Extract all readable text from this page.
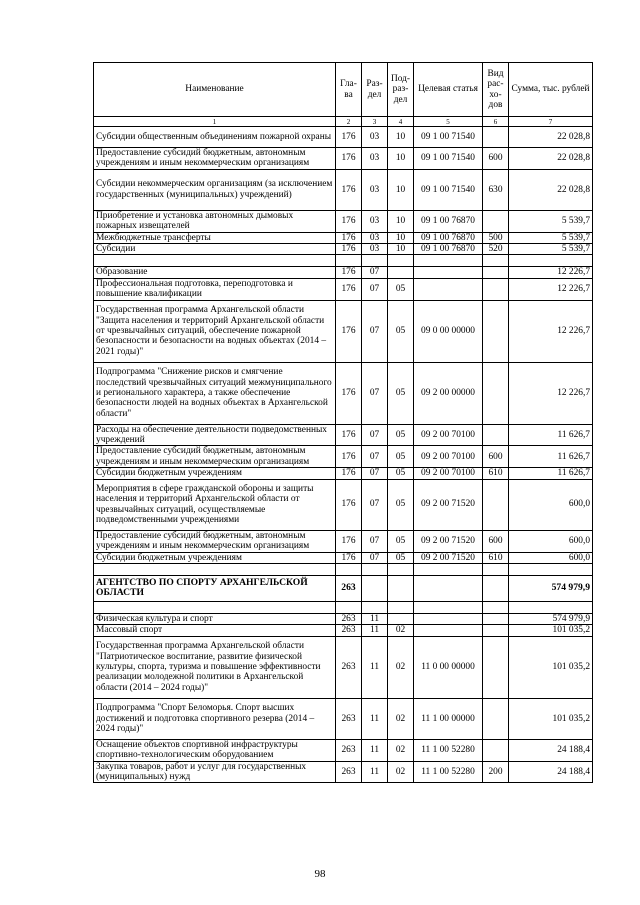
Наименование	Гла-ва	Раз-дел	Под-раз-дел	Целевая статья	Вид рас-хо-дов	Сумма, тыс. рублей
1	2	3	4	5	6	7
Субсидии общественным объединениям пожарной охраны	176	03	10	09 1 00 71540		22 028,8
Предоставление субсидий бюджетным, автономным учреждениям и иным некоммерческим организациям	176	03	10	09 1 00 71540	600	22 028,8
Субсидии некоммерческим организациям (за исключением государственных (муниципальных) учреждений)	176	03	10	09 1 00 71540	630	22 028,8
Приобретение и установка автономных дымовых пожарных извещателей	176	03	10	09 1 00 76870		5 539,7
Межбюджетные трансферты	176	03	10	09 1 00 76870	500	5 539,7
Субсидии	176	03	10	09 1 00 76870	520	5 539,7

Образование	176	07				12 226,7
Профессиональная подготовка, переподготовка и повышение квалификации	176	07	05			12 226,7
Государственная программа Архангельской области "Защита населения и территорий Архангельской области от чрезвычайных ситуаций, обеспечение пожарной безопасности и безопасности на водных объектах (2014 – 2021 годы)"	176	07	05	09 0 00 00000		12 226,7
Подпрограмма "Снижение рисков и смягчение последствий чрезвычайных ситуаций межмуниципального и регионального характера, а также обеспечение безопасности людей на водных объектах в Архангельской области"	176	07	05	09 2 00 00000		12 226,7
Расходы на обеспечение деятельности подведомственных учреждений	176	07	05	09 2 00 70100		11 626,7
Предоставление субсидий бюджетным, автономным учреждениям и иным некоммерческим организациям	176	07	05	09 2 00 70100	600	11 626,7
Субсидии бюджетным учреждениям	176	07	05	09 2 00 70100	610	11 626,7
Мероприятия в сфере гражданской обороны и защиты населения и территорий Архангельской области от чрезвычайных ситуаций, осуществляемые подведомственными учреждениями	176	07	05	09 2 00 71520		600,0
Предоставление субсидий бюджетным, автономным учреждениям и иным некоммерческим организациям	176	07	05	09 2 00 71520	600	600,0
Субсидии бюджетным учреждениям	176	07	05	09 2 00 71520	610	600,0

АГЕНТСТВО ПО СПОРТУ АРХАНГЕЛЬСКОЙ ОБЛАСТИ	263					574 979,9

Физическая культура и спорт	263	11				574 979,9
Массовый спорт	263	11	02			101 035,2
Государственная программа Архангельской области "Патриотическое воспитание, развитие физической культуры, спорта, туризма и повышение эффективности реализации молодежной политики в Архангельской области (2014 – 2024 годы)"	263	11	02	11 0 00 00000		101 035,2
Подпрограмма "Спорт Беломорья. Спорт высших достижений и подготовка спортивного резерва (2014 – 2024 годы)"	263	11	02	11 1 00 00000		101 035,2
Оснащение объектов спортивной инфраструктуры спортивно-технологическим оборудованием	263	11	02	11 1 00 52280		24 188,4
Закупка товаров, работ и услуг для государственных (муниципальных) нужд	263	11	02	11 1 00 52280	200	24 188,4
98
